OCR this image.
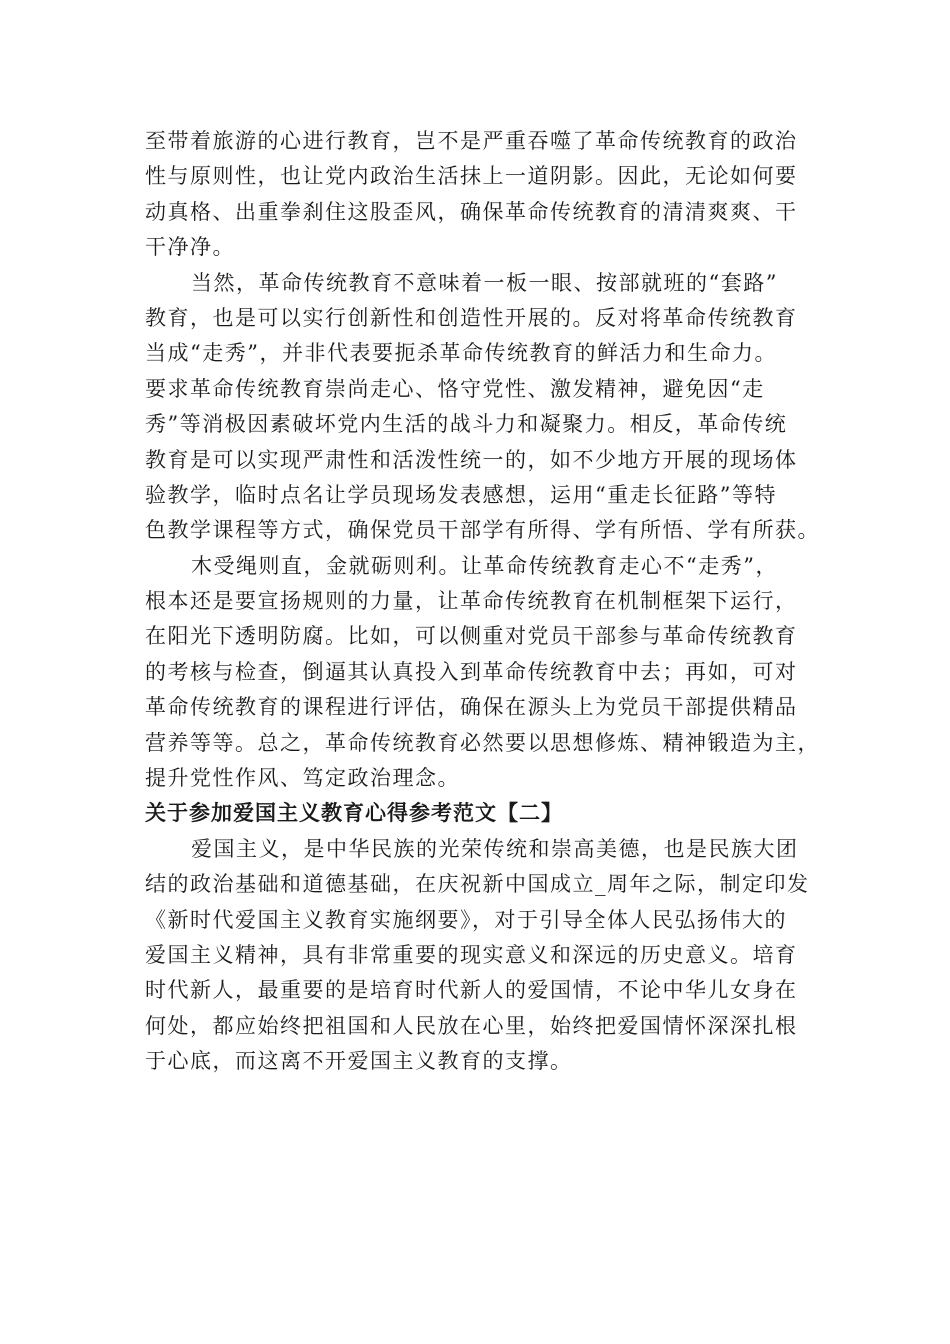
至带着旅游的心进行教育，岂不是严重吞噬了革命传统教育的政治
性与原则性，也让党内政治生活抹上一道阴影。因此，无论如何要
动真格、出重拳刹住这股歪风，确保革命传统教育的清清爽爽、干
干净净。
当然，革命传统教育不意味着一板一眼、按部就班的“套路”
教育，也是可以实行创新性和创造性开展的。反对将革命传统教育
当成“走秀”，并非代表要扼杀革命传统教育的鲜活力和生命力。
要求革命传统教育崇尚走心、恪守党性、激发精神，避免因“走
秀”等消极因素破坏党内生活的战斗力和凝聚力。相反，革命传统
教育是可以实现严肃性和活泼性统一的，如不少地方开展的现场体
验教学，临时点名让学员现场发表感想，运用“重走长征路”等特
色教学课程等方式，确保党员干部学有所得、学有所悟、学有所获。
木受绳则直，金就砺则利。让革命传统教育走心不“走秀”，
根本还是要宣扬规则的力量，让革命传统教育在机制框架下运行，
在阳光下透明防腐。比如，可以侧重对党员干部参与革命传统教育
的考核与检查，倒逼其认真投入到革命传统教育中去；再如，可对
革命传统教育的课程进行评估，确保在源头上为党员干部提供精品
营养等等。总之，革命传统教育必然要以思想修炼、精神锻造为主，
提升党性作风、笃定政治理念。
关于参加爱国主义教育心得参考范文【二】
爱国主义，是中华民族的光荣传统和崇高美德，也是民族大团
结的政治基础和道德基础，在庆祝新中国成立_周年之际，制定印发
《新时代爱国主义教育实施纲要》，对于引导全体人民弘扬伟大的
爱国主义精神，具有非常重要的现实意义和深远的历史意义。培育
时代新人，最重要的是培育时代新人的爱国情，不论中华儿女身在
何处，都应始终把祖国和人民放在心里，始终把爱国情怀深深扎根
于心底，而这离不开爱国主义教育的支撑。
